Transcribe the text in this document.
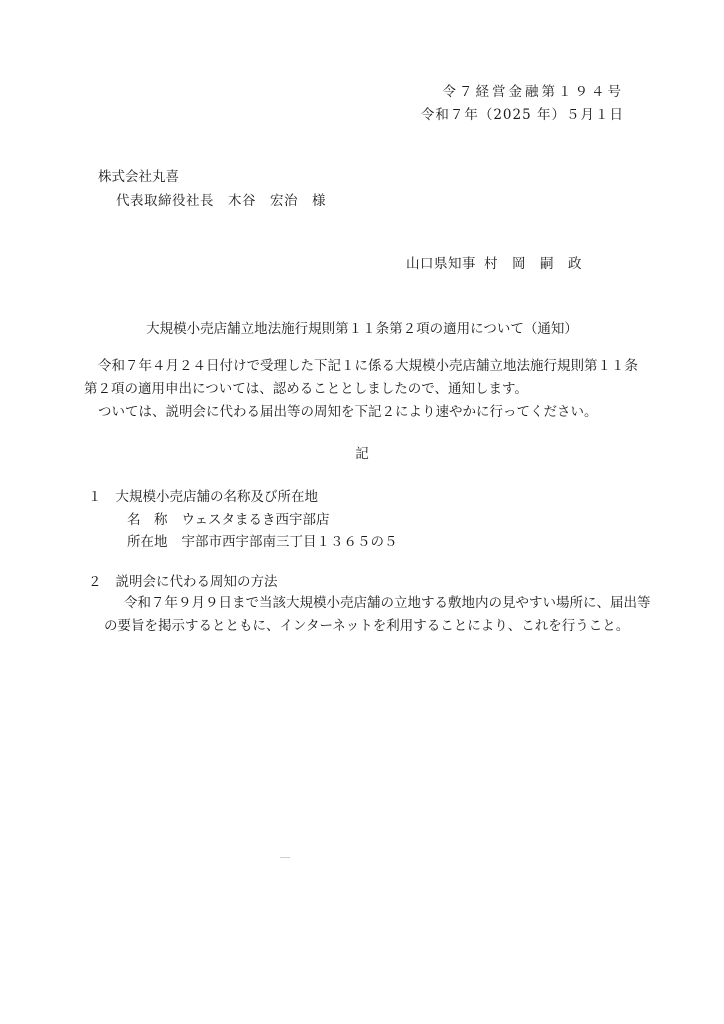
令７経営金融第１９４号
令和７年（2025 年）５月１日
株式会社丸喜
代表取締役社長 木谷　宏治 様
山口県知事 村　岡　嗣　政
大規模小売店舗立地法施行規則第１１条第２項の適用について（通知）
令和７年４月２４日付けで受理した下記１に係る大規模小売店舗立地法施行規則第１１条第２項の適用申出については、認めることとしましたので、通知します。
ついては、説明会に代わる届出等の周知を下記２により速やかに行ってください。
記
１ 大規模小売店舗の名称及び所在地
名　称 ウェスタまるき西宇部店
所在地 宇部市西宇部南三丁目１３６５の５
２ 説明会に代わる周知の方法
令和７年９月９日まで当該大規模小売店舗の立地する敷地内の見やすい場所に、届出等の要旨を掲示するとともに、インターネットを利用することにより、これを行うこと。
